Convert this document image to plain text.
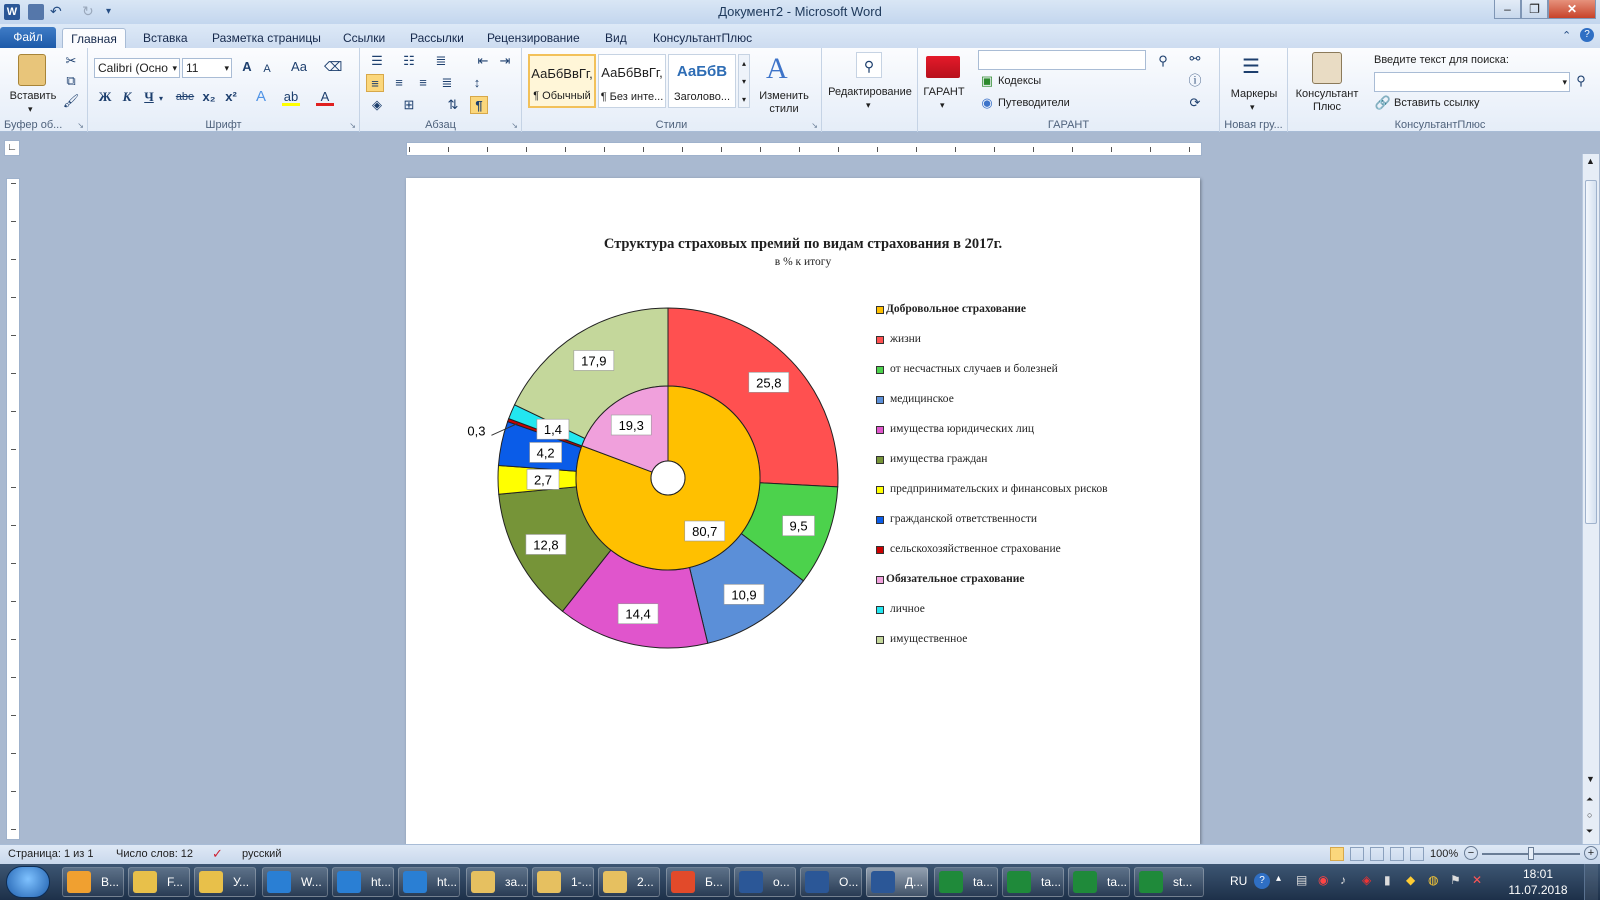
W ↶	↻	▾	Документ2 - Microsoft Word	–	❐	✕
Файл	Главная	Вставка Разметка страницы Ссылки Рассылки Рецензирование Вид КонсультантПлюс	⌃	?
Вставить
▾
✂
⧉
🖌
Буфер об...	↘
Calibri (Осно ▾ 11	▾	A	A	Aa	⌫
Ж К Ч ▾ abe x₂ x² A	ab	A
Шрифт	↘
☰ ☷ ≣ ⇤ ⇥
≡	≡	≡	≣	↕
◈	⊞	⇅	¶
Абзац	↘
АаБбВвГг,
¶ Обычный
АаБбВвГг,
¶ Без инте...
АаБбВ
Заголово...
▴
▾
▾
A
Изменить стили
Стили	↘
⚲
Редактирование
▾
ГАРАНТ
▾
⚲
▣ Кодексы
◉ Путеводители
⚯
ⓘ
⟳
ГАРАНТ
☰
Маркеры
▾
Новая гру...
Консультант Плюс
Введите текст для поиска:
▾ ⚲
🔗 Вставить ссылку
КонсультантПлюс
∟
▲
▼
⏶
○
⏷
Структура страховых премий по видам страхования в 2017г.
в % к итогу
25,8
9,5
10,9
14,4
12,8
2,7
4,2
0,3	1,4
17,9
80,7
19,3
Добровольное страхование
жизни
от несчастных случаев и болезней
медицинское
имущества юридических лиц
имущества граждан
предпринимательских и финансовых рисков
гражданской ответственности
сельскохозяйственное страхование
Обязательное страхование
личное
имущественное
Страница: 1 из 1 Число слов: 12 ✓ русский	100% −	+
В...	F...	У...	W...	ht...	ht...	за...	1-...	2...	Б...	о...	О...	Д...	ta...	ta...	ta...	st...	RU	?	▴ ▤ ◉ ♪ ◈ ▮ ◆ ◍ ⚑ ✕	18:01
11.07.2018
